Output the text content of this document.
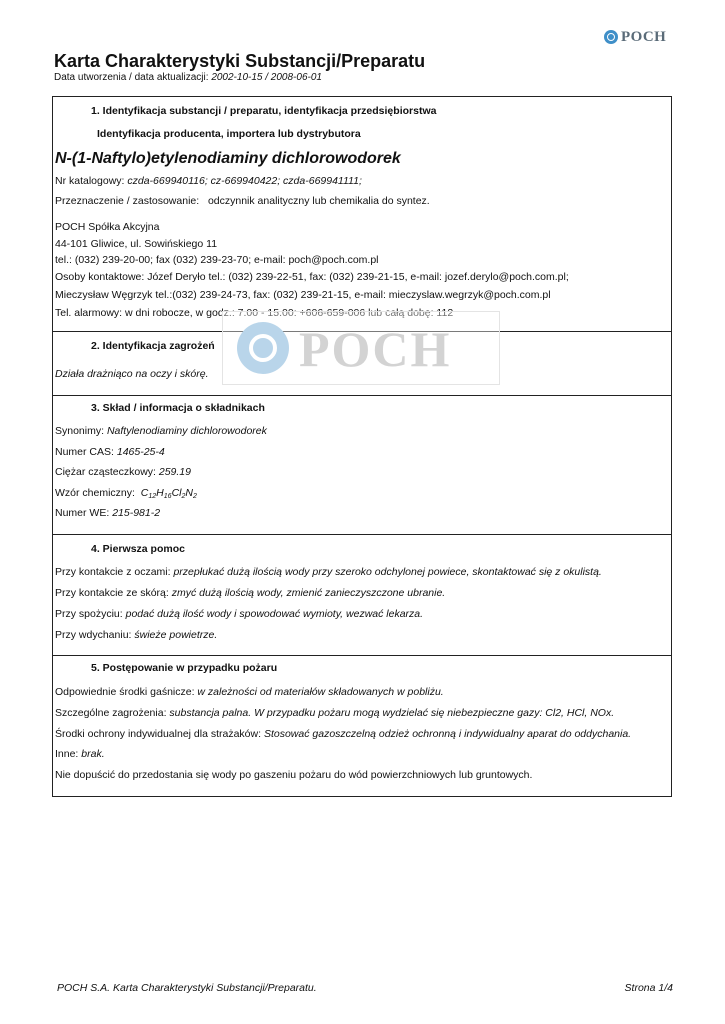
POCH
Karta Charakterystyki Substancji/Preparatu
Data utworzenia / data aktualizacji: 2002-10-15 / 2008-06-01
1. Identyfikacja substancji / preparatu, identyfikacja przedsiębiorstwa
Identyfikacja producenta, importera lub dystrybutora
N-(1-Naftylo)etylenodiaminy dichlorowodorek
Nr katalogowy: czda-669940116; cz-669940422; czda-669941111;
Przeznaczenie / zastosowanie: odczynnik analityczny lub chemikalia do syntez.
POCH Spółka Akcyjna
44-101 Gliwice, ul. Sowińskiego 11
tel.: (032) 239-20-00; fax (032) 239-23-70; e-mail: poch@poch.com.pl
Osoby kontaktowe: Józef Deryło tel.: (032) 239-22-51, fax: (032) 239-21-15, e-mail: jozef.derylo@poch.com.pl;
Mieczysław Węgrzyk tel.:(032) 239-24-73, fax: (032) 239-21-15, e-mail: mieczyslaw.wegrzyk@poch.com.pl
Tel. alarmowy: w dni robocze, w godz.: 7.00 - 15.00: +606-659-006 lub całą dobę: 112
2. Identyfikacja zagrożeń
Działa drażniąco na oczy i skórę. POCH
3. Skład / informacja o składnikach
Synonimy: Naftylenodiaminy dichlorowodorek
Numer CAS: 1465-25-4
Ciężar cząsteczkowy: 259.19
Wzór chemiczny: $C_{12}H_{16}Cl_2N_2$
Numer WE: 215-981-2
4. Pierwsza pomoc
Przy kontakcie z oczami: przepłukać dużą ilością wody przy szeroko odchylonej powiece, skontaktować się z okulistą.
Przy kontakcie ze skórą: zmyć dużą ilością wody, zmienić zanieczyszczone ubranie.
Przy spożyciu: podać dużą ilość wody i spowodować wymioty, wezwać lekarza.
Przy wdychaniu: świeże powietrze.
5. Postępowanie w przypadku pożaru
Odpowiednie środki gaśnicze: w zależności od materiałów składowanych w pobliżu.
Szczególne zagrożenia: substancja palna. W przypadku pożaru mogą wydzielać się niebezpieczne gazy: Cl2, HCl, NOx.
Środki ochrony indywidualnej dla strażaków: Stosować gazoszczelną odzież ochronną i indywidualny aparat do oddychania.
Inne: brak.
Nie dopuścić do przedostania się wody po gaszeniu pożaru do wód powierzchniowych lub gruntowych.
POCH S.A. Karta Charakterystyki Substancji/Preparatu.	Strona 1/4
